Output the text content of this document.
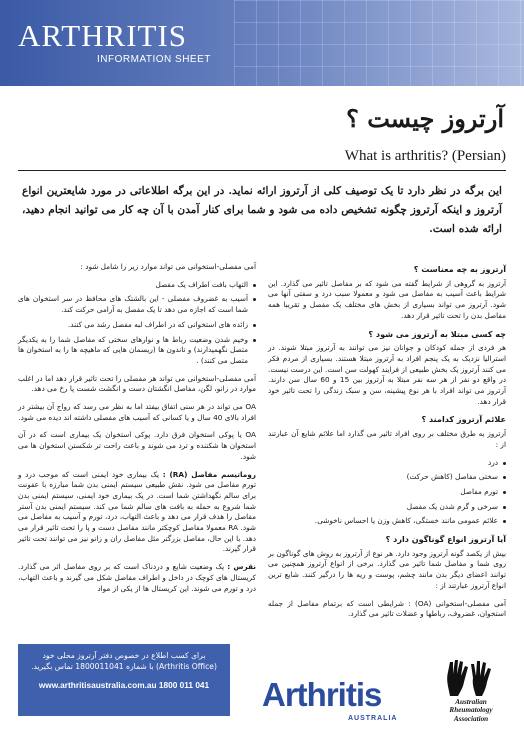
ARTHRITIS
INFORMATION SHEET
آرتروز چیست ؟
What is arthritis? (Persian)
این برگه در نظر دارد تا یک توصیف کلی از آرتروز ارائه نماید. در این برگه اطلاعاتی در مورد شایعترین انواع آرتروز و اینکه آرتروز چگونه تشخیص داده می شود و شما برای کنار آمدن با آن چه کار می توانید انجام دهید، ارائه شده است.
آرتروز به چه معناست ؟
آرتروز به گروهی از شرایط گفته می شود که بر مفاصل تاثیر می گذارد. این شرایط باعث آسیب به مفاصل می شود و معمولا سبب درد و سفتی آنها می شود. آرتروز می تواند بسیاری از بخش های مختلف یک مفصل و تقریبا همه مفاصل بدن را تحت تاثیر قرار دهد.
چه کسی مبتلا به آرتروز می شود ؟
هر فردی از جمله کودکان و جوانان نیز می توانند به آرتروز مبتلا شوند. در استرالیا نزدیک به یک پنجم افراد به آرتروز مبتلا هستند. بسیاری از مردم فکر می کنند آرتروز یک بخش طبیعی از فرایند کهولت سن است. این درست نیست. در واقع دو نفر از هر سه نفر مبتلا به آرتروز بین 15 و 60 سال سن دارند. آرتروز می تواند افراد با هر نوع پیشینه، سن و سبک زندگی را تحت تاثیر خود قرار دهد.
علائم آرتروز کدامند ؟
آرتروز به طرق مختلف بر روی افراد تاثیر می گذارد اما علائم شایع آن عبارتند از :
درد
سختی مفاصل (کاهش حرکت)
تورم مفاصل
سرخی و گرم شدن یک مفصل
علائم عمومی مانند خستگی، کاهش وزن یا احساس ناخوشی.
آیا آرتروز انواع گوناگون دارد ؟
بیش از یکصد گونه آرتروز وجود دارد. هر نوع از آرتروز به روش های گوناگون بر روی شما و مفاصل شما تاثیر می گذارد. برخی از انواع آرتروز همچنین می توانند اعضای دیگر بدن مانند چشم، پوست و ریه ها را درگیر کنند. شایع ترین انواع آرتروز عبارتند از :
آمی مفصلی-استخوانی (OA) : شرایطی است که برتمام مفاصل از جمله استخوان، غضروف، رباطها و عضلات تاثیر می گذارد.
آمی مفصلی-استخوانی می تواند موارد زیر را شامل شود :
التهاب بافت اطراف یک مفصل
آسیب به غضروف مفصلی - این بالشتک های محافظ در سر استخوان های شما است که اجازه می دهد تا یک مفصل به آرامی حرکت کند.
زائده های استخوانی که در اطراف لبه مفصل رشد می کنند.
وخیم شدن وضعیت رباط ها و نوارهای سختی که مفاصل شما را به یکدیگر متصل نگهمیدارند) و تاندون ها (ریسمان هایی که ماهیچه ها را به استخوان ها متصل می کنند) .
آمی مفصلی-استخوانی می تواند هر مفصلی را تحت تاثیر قرار دهد اما در اغلب موارد در زانو، لگن، مفاصل انگشتان دست و انگشت شست پا رخ می دهد.
OA می تواند در هر سنی اتفاق بیفتد اما به نظر می رسد که رواج آن بیشتر در افراد بالای 40 سال و یا کسانی که آسیب های مفصلی داشته اند دیده می شود.
OA یا پوکی استخوان فرق دارد. پوکی استخوان یک بیماری است که در آن استخوان ها شکننده و ترد می شوند و باعث راحت تر شکستن استخوان ها می شود.
روماتیسم مفاصل (RA) : یک بیماری خود ایمنی است که موجب درد و تورم مفاصل می شود. نقش طبیعی سیستم ایمنی بدن شما مبارزه با عفونت برای سالم نگهداشتن شما است. در یک بیماری خود ایمنی، سیستم ایمنی بدن شما شروع به حمله به بافت های سالم شما می کند. سیستم ایمنی بدن آستر مفاصل را هدف قرار می دهد و باعث التهاب، درد، تورم و آسیب به مفاصل می شود. RA معمولا مفاصل کوچکتر مانند مفاصل دست و پا را تحت تاثیر قرار می دهد. با این حال، مفاصل بزرگتر مثل مفاصل ران و زانو نیز می توانند تحت تاثیر قرار گیرند.
نقرس : یک وضعیت شایع و دردناک است که بر روی مفاصل اثر می گذارد. کریستال های کوچک در داخل و اطراف مفاصل شکل می گیرند و باعث التهاب، درد و تورم می شوند. این کریستال ها از یکی از مواد
برای کسب اطلاع در خصوص دفتر آرتروز محلی خود
(Arthritis Office) با شماره 1800011041 تماس بگیرید.
www.arthritisaustralia.com.au 1800 011 041	Arthritis
AUSTRALIA
Australian
Rheumatology
Association
